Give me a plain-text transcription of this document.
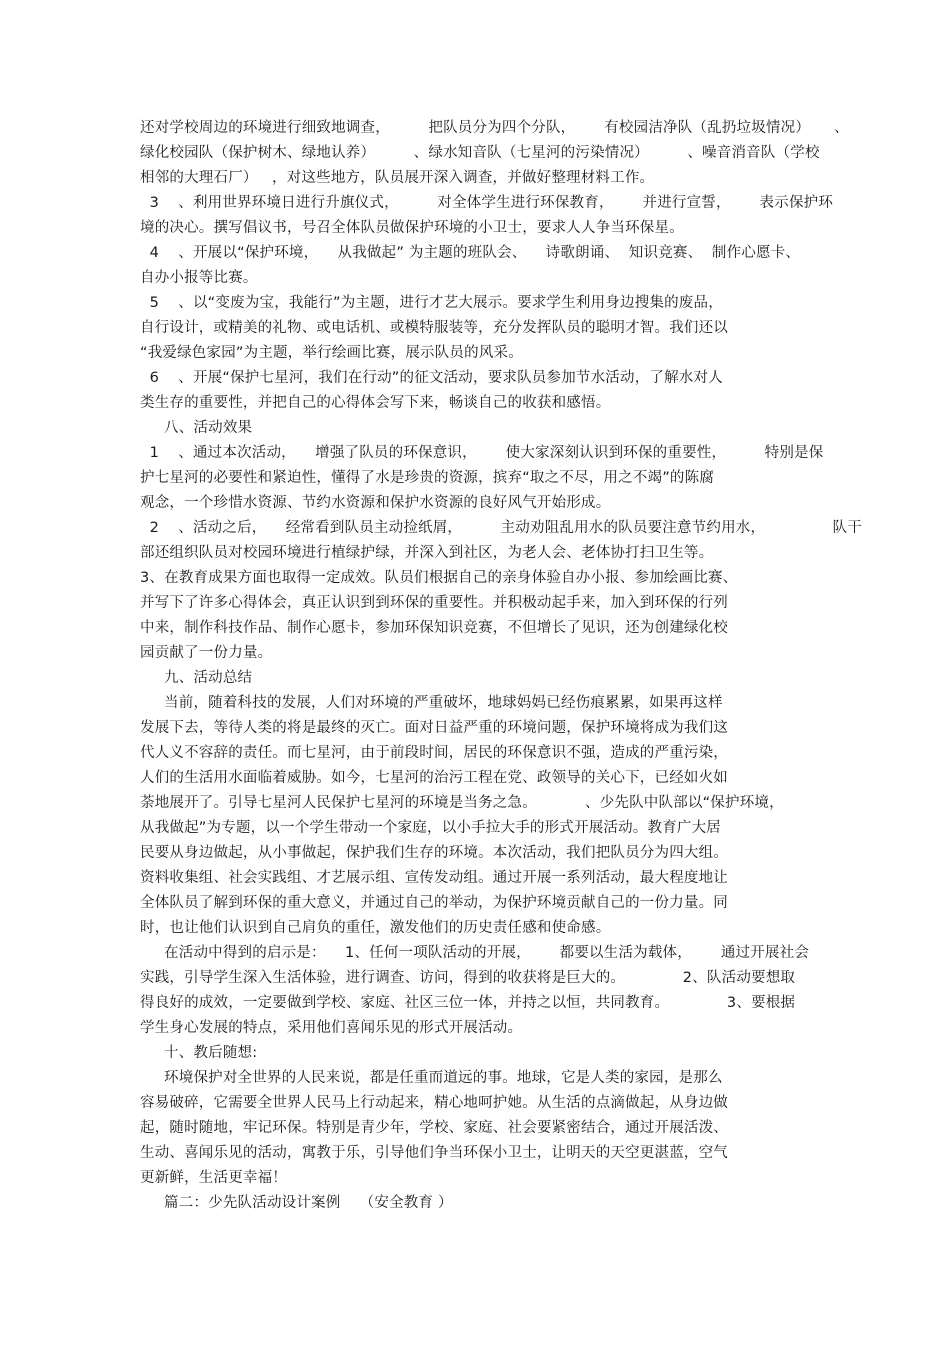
还对学校周边的环境进行细致地调查，        把队员分为四个分队，      有校园洁净队（乱扔垃圾情况）     、
绿化校园队（保护树木、绿地认养）        、绿水知音队（七星河的污染情况）        、噪音消音队（学校
相邻的大理石厂）   ，对这些地方，队员展开深入调查，并做好整理材料工作。
3    、利用世界环境日进行升旗仪式，        对全体学生进行环保教育，      并进行宣誓，      表示保护环
境的决心。撰写倡议书，号召全体队员做保护环境的小卫士，要求人人争当环保星。
4    、开展以“保护环境，    从我做起” 为主题的班队会、    诗歌朗诵、  知识竞赛、  制作心愿卡、
自办小报等比赛。
5    、以“变废为宝，我能行”为主题，进行才艺大展示。要求学生利用身边搜集的废品，
自行设计，或精美的礼物、或电话机、或模特服装等，充分发挥队员的聪明才智。我们还以
“我爱绿色家园”为主题，举行绘画比赛，展示队员的风采。
6    、开展“保护七星河，我们在行动”的征文活动，要求队员参加节水活动，了解水对人
类生存的重要性，并把自己的心得体会写下来，畅谈自己的收获和感悟。
八、活动效果
1    、通过本次活动，    增强了队员的环保意识，      使大家深刻认识到环保的重要性，        特别是保
护七星河的必要性和紧迫性，懂得了水是珍贵的资源，摈弃“取之不尽，用之不竭”的陈腐
观念，一个珍惜水资源、节约水资源和保护水资源的良好风气开始形成。
2    、活动之后，    经常看到队员主动捡纸屑，        主动劝阻乱用水的队员要注意节约用水，              队干
部还组织队员对校园环境进行植绿护绿，并深入到社区，为老人会、老体协打扫卫生等。
3、在教育成果方面也取得一定成效。队员们根据自己的亲身体验自办小报、参加绘画比赛、
并写下了许多心得体会，真正认识到到环保的重要性。并积极动起手来，加入到环保的行列
中来，制作科技作品、制作心愿卡，参加环保知识竞赛，不但增长了见识，还为创建绿化校
园贡献了一份力量。
九、活动总结
当前，随着科技的发展，人们对环境的严重破坏，地球妈妈已经伤痕累累，如果再这样
发展下去，等待人类的将是最终的灭亡。面对日益严重的环境问题，保护环境将成为我们这
代人义不容辞的责任。而七星河，由于前段时间，居民的环保意识不强，造成的严重污染，
人们的生活用水面临着威胁。如今，七星河的治污工程在党、政领导的关心下，已经如火如
荼地展开了。引导七星河人民保护七星河的环境是当务之急。          、少先队中队部以“保护环境，
从我做起”为专题，以一个学生带动一个家庭，以小手拉大手的形式开展活动。教育广大居
民要从身边做起，从小事做起，保护我们生存的环境。本次活动，我们把队员分为四大组。
资料收集组、社会实践组、才艺展示组、宣传发动组。通过开展一系列活动，最大程度地让
全体队员了解到环保的重大意义，并通过自己的举动，为保护环境贡献自己的一份力量。同
时，也让他们认识到自己肩负的重任，激发他们的历史责任感和使命感。
在活动中得到的启示是：    1、任何一项队活动的开展，      都要以生活为载体，      通过开展社会
实践，引导学生深入生活体验，进行调查、访问，得到的收获将是巨大的。            2、队活动要想取
得良好的成效，一定要做到学校、家庭、社区三位一体，并持之以恒，共同教育。            3、要根据
学生身心发展的特点，采用他们喜闻乐见的形式开展活动。
十、教后随想:
环境保护对全世界的人民来说，都是任重而道远的事。地球，它是人类的家园，是那么
容易破碎，它需要全世界人民马上行动起来，精心地呵护她。从生活的点滴做起，从身边做
起，随时随地，牢记环保。特别是青少年，学校、家庭、社会要紧密结合，通过开展活泼、
生动、喜闻乐见的活动，寓教于乐，引导他们争当环保小卫士，让明天的天空更湛蓝，空气
更新鲜，生活更幸福！
篇二：少先队活动设计案例    （安全教育 ）
